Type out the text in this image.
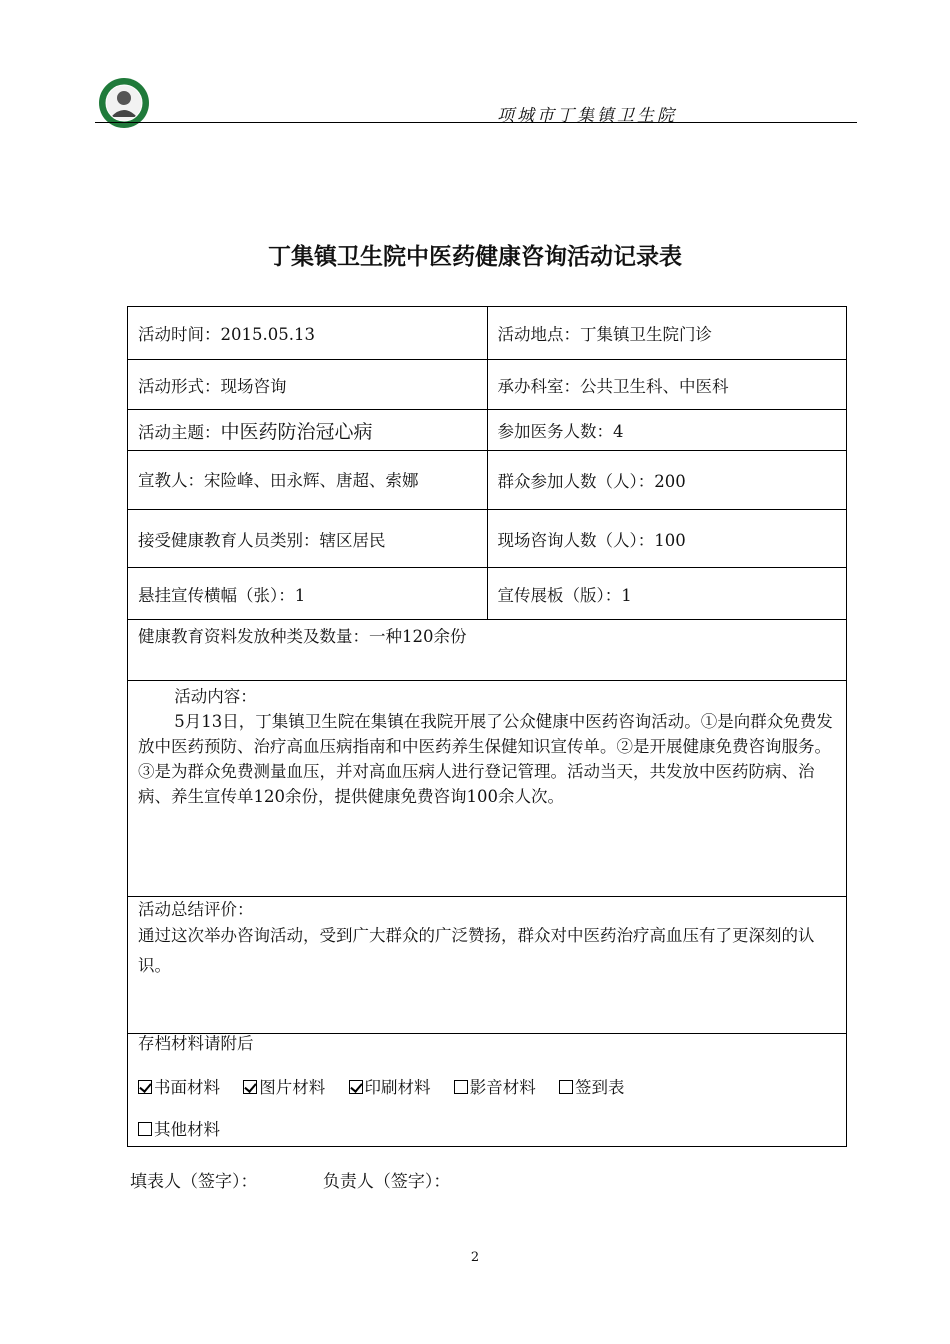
项城市丁集镇卫生院
丁集镇卫生院中医药健康咨询活动记录表
活动时间：2015.05.13	活动地点：丁集镇卫生院门诊
活动形式：现场咨询	承办科室：公共卫生科、中医科
活动主题：中医药防治冠心病	参加医务人数：4
宣教人：宋险峰、田永辉、唐超、索娜	群众参加人数（人）：200
接受健康教育人员类别：辖区居民	现场咨询人数（人）：100
悬挂宣传横幅（张）：1	宣传展板（版）：1
健康教育资料发放种类及数量：一种120余份	

活动内容：
5月13日，丁集镇卫生院在集镇在我院开展了公众健康中医药咨询活动。①是向群众免费发放中医药预防、治疗高血压病指南和中医药养生保健知识宣传单。②是开展健康免费咨询服务。③是为群众免费测量血压，并对高血压病人进行登记管理。活动当天，共发放中医药防病、治病、养生宣传单120余份，提供健康免费咨询100余人次。	

活动总结评价：
通过这次举办咨询活动，受到广大群众的广泛赞扬，群众对中医药治疗高血压有了更深刻的认识。	

存档材料请附后
书面材料 图片材料 印刷材料 影音材料 签到表
其他材料	
填表人（签字）：	负责人（签字）：
2
